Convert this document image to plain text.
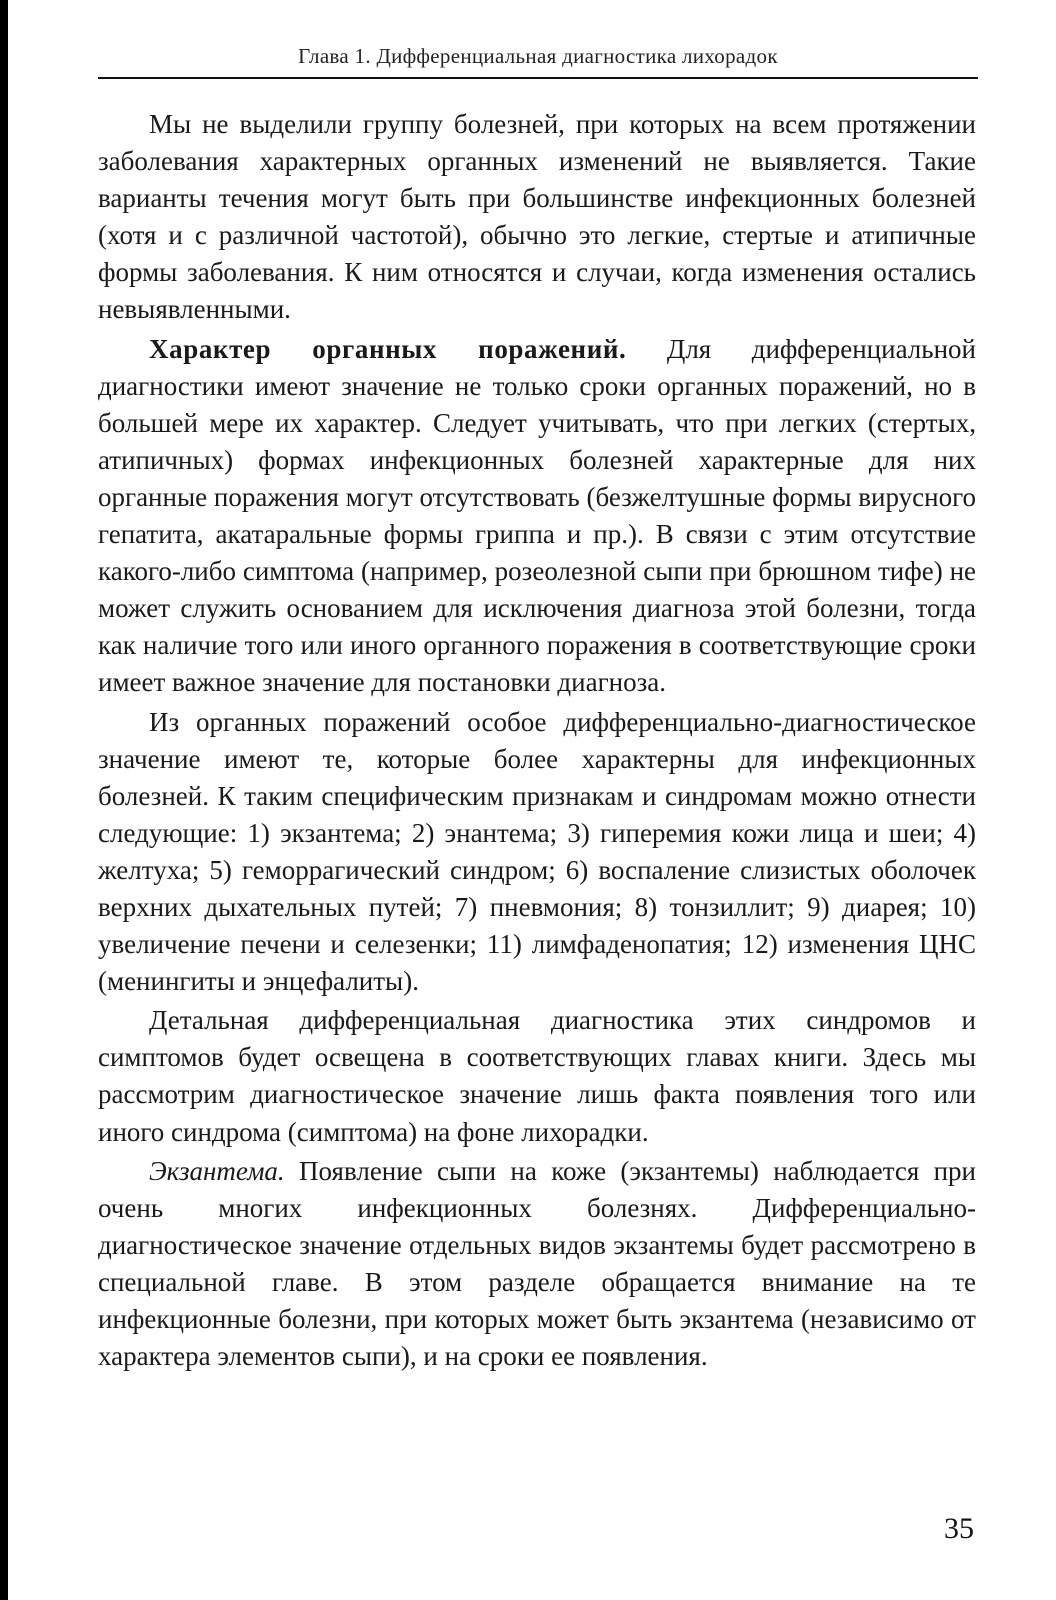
Глава 1. Дифференциальная диагностика лихорадок

Мы не выделили группу болезней, при которых на всем протяжении заболевания характерных органных изменений не выявляется. Такие варианты течения могут быть при большинстве инфекционных болезней (хотя и с различной частотой), обычно это легкие, стертые и атипичные формы заболевания. К ним относятся и случаи, когда изменения остались невыявленными.

Характер органных поражений. Для дифференциальной диагностики имеют значение не только сроки органных поражений, но в большей мере их характер. Следует учитывать, что при легких (стертых, атипичных) формах инфекционных болезней характерные для них органные поражения могут отсутствовать (безжелтушные формы вирусного гепатита, акатаральные формы гриппа и пр.). В связи с этим отсутствие какого-либо симптома (например, розеолезной сыпи при брюшном тифе) не может служить основанием для исключения диагноза этой болезни, тогда как наличие того или иного органного поражения в соответствующие сроки имеет важное значение для постановки диагноза.

Из органных поражений особое дифференциально-диагностическое значение имеют те, которые более характерны для инфекционных болезней. К таким специфическим признакам и синдромам можно отнести следующие: 1) экзантема; 2) энантема; 3) гиперемия кожи лица и шеи; 4) желтуха; 5) геморрагический синдром; 6) воспаление слизистых оболочек верхних дыхательных путей; 7) пневмония; 8) тонзиллит; 9) диарея; 10) увеличение печени и селезенки; 11) лимфаденопатия; 12) изменения ЦНС (менингиты и энцефалиты).

Детальная дифференциальная диагностика этих синдромов и симптомов будет освещена в соответствующих главах книги. Здесь мы рассмотрим диагностическое значение лишь факта появления того или иного синдрома (симптома) на фоне лихорадки.

Экзантема. Появление сыпи на коже (экзантемы) наблюдается при очень многих инфекционных болезнях. Дифференциально-диагностическое значение отдельных видов экзантемы будет рассмотрено в специальной главе. В этом разделе обращается внимание на те инфекционные болезни, при которых может быть экзантема (независимо от характера элементов сыпи), и на сроки ее появления.

35
